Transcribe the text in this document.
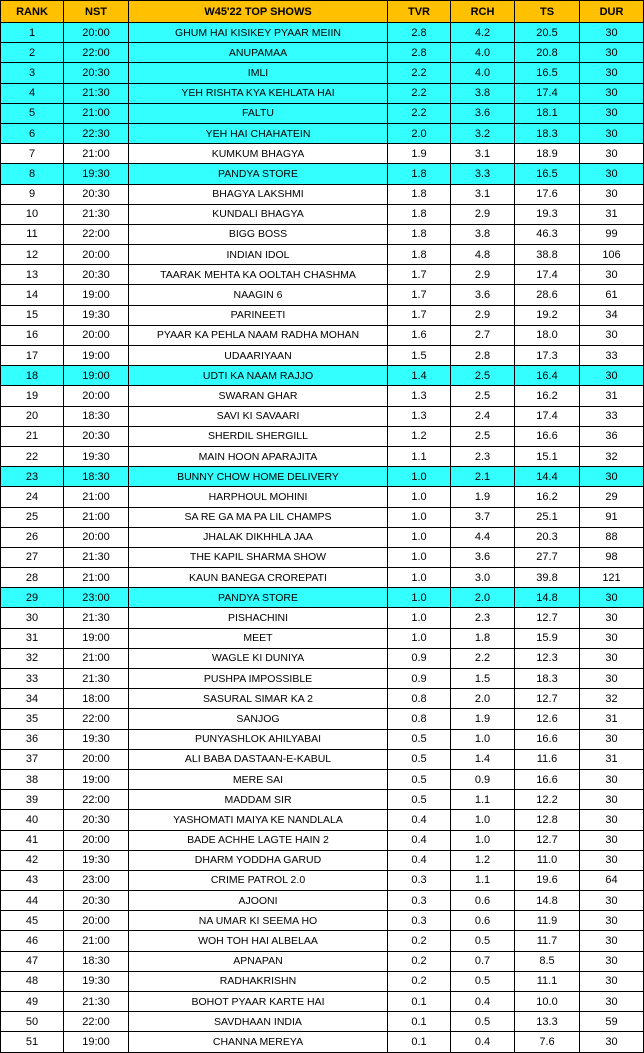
RANK	NST	W45'22 TOP SHOWS	TVR	RCH	TS	DUR
1	20:00	GHUM HAI KISIKEY PYAAR MEIIN	2.8	4.2	20.5	30
2	22:00	ANUPAMAA	2.8	4.0	20.8	30
3	20:30	IMLI	2.2	4.0	16.5	30
4	21:30	YEH RISHTA KYA KEHLATA HAI	2.2	3.8	17.4	30
5	21:00	FALTU	2.2	3.6	18.1	30
6	22:30	YEH HAI CHAHATEIN	2.0	3.2	18.3	30
7	21:00	KUMKUM BHAGYA	1.9	3.1	18.9	30
8	19:30	PANDYA STORE	1.8	3.3	16.5	30
9	20:30	BHAGYA LAKSHMI	1.8	3.1	17.6	30
10	21:30	KUNDALI BHAGYA	1.8	2.9	19.3	31
11	22:00	BIGG BOSS	1.8	3.8	46.3	99
12	20:00	INDIAN IDOL	1.8	4.8	38.8	106
13	20:30	TAARAK MEHTA KA OOLTAH CHASHMA	1.7	2.9	17.4	30
14	19:00	NAAGIN 6	1.7	3.6	28.6	61
15	19:30	PARINEETI	1.7	2.9	19.2	34
16	20:00	PYAAR KA PEHLA NAAM RADHA MOHAN	1.6	2.7	18.0	30
17	19:00	UDAARIYAAN	1.5	2.8	17.3	33
18	19:00	UDTI KA NAAM RAJJO	1.4	2.5	16.4	30
19	20:00	SWARAN GHAR	1.3	2.5	16.2	31
20	18:30	SAVI KI SAVAARI	1.3	2.4	17.4	33
21	20:30	SHERDIL SHERGILL	1.2	2.5	16.6	36
22	19:30	MAIN HOON APARAJITA	1.1	2.3	15.1	32
23	18:30	BUNNY CHOW HOME DELIVERY	1.0	2.1	14.4	30
24	21:00	HARPHOUL MOHINI	1.0	1.9	16.2	29
25	21:00	SA RE GA MA PA LIL CHAMPS	1.0	3.7	25.1	91
26	20:00	JHALAK DIKHHLA JAA	1.0	4.4	20.3	88
27	21:30	THE KAPIL SHARMA SHOW	1.0	3.6	27.7	98
28	21:00	KAUN BANEGA CROREPATI	1.0	3.0	39.8	121
29	23:00	PANDYA STORE	1.0	2.0	14.8	30
30	21:30	PISHACHINI	1.0	2.3	12.7	30
31	19:00	MEET	1.0	1.8	15.9	30
32	21:00	WAGLE KI DUNIYA	0.9	2.2	12.3	30
33	21:30	PUSHPA IMPOSSIBLE	0.9	1.5	18.3	30
34	18:00	SASURAL SIMAR KA 2	0.8	2.0	12.7	32
35	22:00	SANJOG	0.8	1.9	12.6	31
36	19:30	PUNYASHLOK AHILYABAI	0.5	1.0	16.6	30
37	20:00	ALI BABA DASTAAN-E-KABUL	0.5	1.4	11.6	31
38	19:00	MERE SAI	0.5	0.9	16.6	30
39	22:00	MADDAM SIR	0.5	1.1	12.2	30
40	20:30	YASHOMATI MAIYA KE NANDLALA	0.4	1.0	12.8	30
41	20:00	BADE ACHHE LAGTE HAIN 2	0.4	1.0	12.7	30
42	19:30	DHARM YODDHA GARUD	0.4	1.2	11.0	30
43	23:00	CRIME PATROL 2.0	0.3	1.1	19.6	64
44	20:30	AJOONI	0.3	0.6	14.8	30
45	20:00	NA UMAR KI SEEMA HO	0.3	0.6	11.9	30
46	21:00	WOH TOH HAI ALBELAA	0.2	0.5	11.7	30
47	18:30	APNAPAN	0.2	0.7	8.5	30
48	19:30	RADHAKRISHN	0.2	0.5	11.1	30
49	21:30	BOHOT PYAAR KARTE HAI	0.1	0.4	10.0	30
50	22:00	SAVDHAAN INDIA	0.1	0.5	13.3	59
51	19:00	CHANNA MEREYA	0.1	0.4	7.6	30
